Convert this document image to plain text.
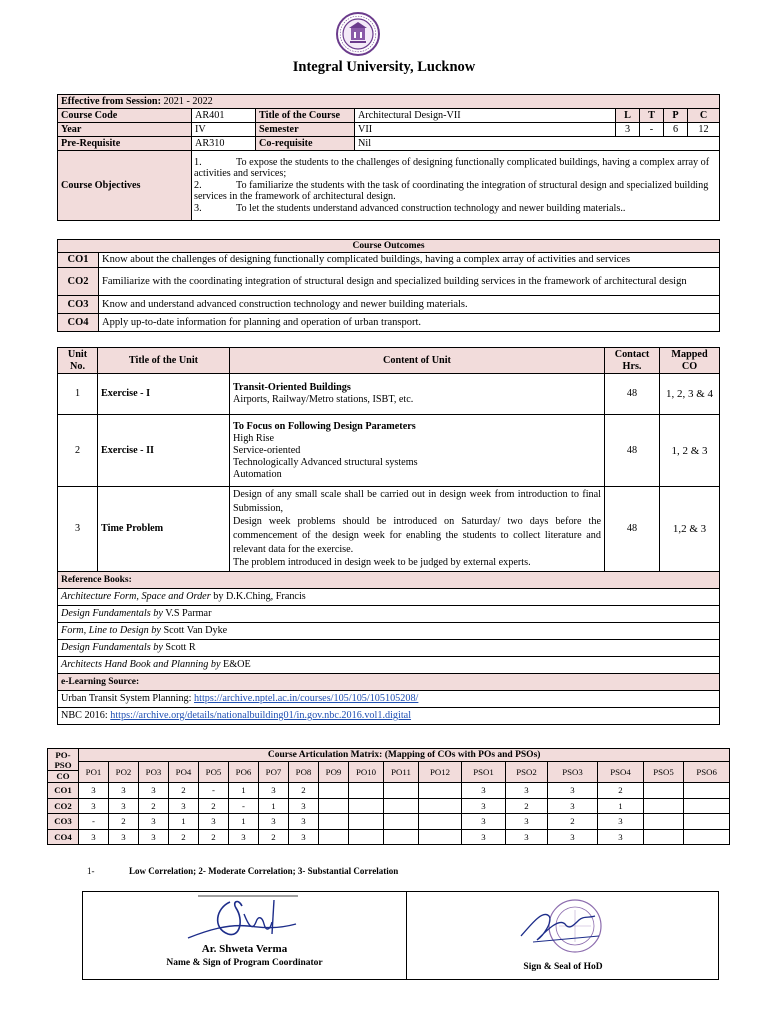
Integral University, Lucknow
Effective from Session: 2021 - 2022							
Course Code	AR401	Title of the Course	Architectural Design-VII	L	T	P	C
Year	IV	Semester	VII	3	-	6	12
Pre-Requisite	AR310	Co-requisite	Nil				
Course Objectives	1. To expose the students to the challenges of designing functionally complicated buildings, having a complex array of activities and services;
2. To familiarize the students with the task of coordinating the integration of structural design and specialized building services in the framework of architectural design.
3. To let the students understand advanced construction technology and newer building materials..						
Course Outcomes	
CO1	Know about the challenges of designing functionally complicated buildings, having a complex array of activities and services
CO2	Familiarize with the coordinating integration of structural design and specialized building services in the framework of architectural design
CO3	Know and understand advanced construction technology and newer building materials.
CO4	Apply up-to-date information for planning and operation of urban transport.
Unit No.	Title of the Unit	Content of Unit	Contact Hrs.	Mapped CO
1	Exercise - I	Transit-Oriented Buildings
Airports, Railway/Metro stations, ISBT, etc.	48	1, 2, 3 & 4
2	Exercise - II	To Focus on Following Design Parameters
High Rise
Service-oriented
Technologically Advanced structural systems
Automation	48	1, 2 & 3
3	Time Problem	Design of any small scale shall be carried out in design week from introduction to final Submission,
Design week problems should be introduced on Saturday/ two days before the commencement of the design week for enabling the students to collect literature and relevant data for the exercise.
The problem introduced in design week to be judged by external experts.	48	1,2 & 3
Reference Books:				
Architecture Form, Space and Order by D.K.Ching, Francis				
Design Fundamentals by V.S Parmar				
Form, Line to Design by Scott Van Dyke				
Design Fundamentals by Scott R				
Architects Hand Book and Planning by E&OE				
e-Learning Source:				
Urban Transit System Planning: https://archive.nptel.ac.in/courses/105/105/105105208/				
NBC 2016: https://archive.org/details/nationalbuilding01/in.gov.nbc.2016.vol1.digital				
PO-PSO
CO	Course Articulation Matrix: (Mapping of COs with POs and PSOs)																	
	PO1	PO2	PO3	PO4	PO5	PO6	PO7	PO8	PO9	PO10	PO11	PO12	PSO1	PSO2	PSO3	PSO4	PSO5	PSO6
CO1	3	3	3	2	-	1	3	2					3	3	3	2		
CO2	3	3	2	3	2	-	1	3					3	2	3	1		
CO3	-	2	3	1	3	1	3	3					3	3	2	3		
CO4	3	3	3	2	2	3	2	3					3	3	3	3		
1-	Low Correlation; 2- Moderate Correlation; 3- Substantial Correlation
Ar. Shweta Verma
Name & Sign of Program Coordinator	Sign & Seal of HoD
